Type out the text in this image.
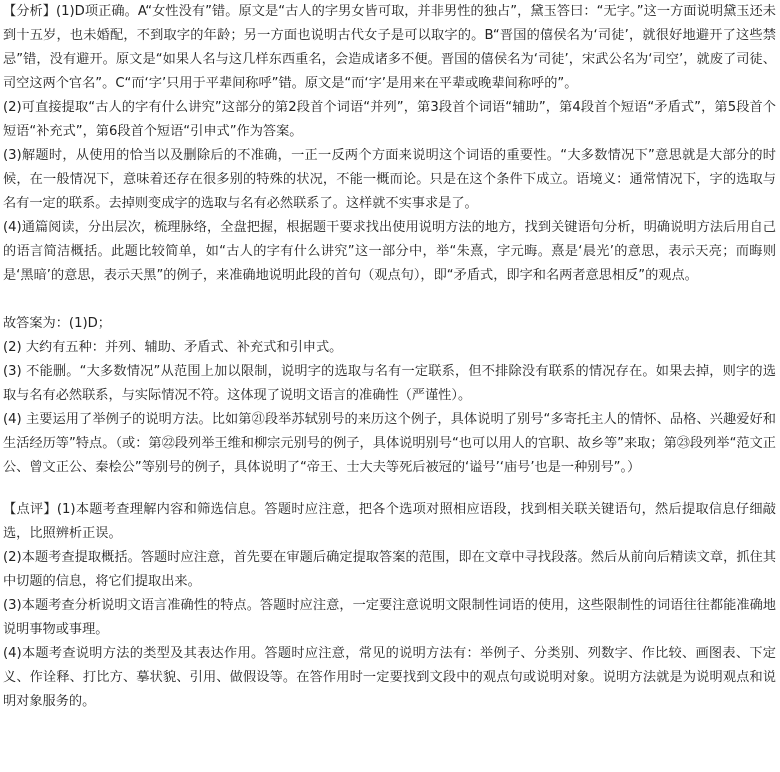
【分析】(1)D项正确。A“女性没有”错。原文是“古人的字男女皆可取，并非男性的独占”，黛玉答曰：“无字。”这一方面说明黛玉还未到十五岁，也未婚配，不到取字的年龄；另一方面也说明古代女子是可以取字的。B“晋国的僖侯名为‘司徒’，就很好地避开了这些禁忌”错，没有避开。原文是“如果人名与这几样东西重名，会造成诸多不便。晋国的僖侯名为‘司徒’，宋武公名为‘司空’，就废了司徒、司空这两个官名”。C“而‘字’只用于平辈间称呼”错。原文是“而‘字’是用来在平辈或晚辈间称呼的”。

(2)可直接提取“古人的字有什么讲究”这部分的第2段首个词语“并列”，第3段首个词语“辅助”，第4段首个短语“矛盾式”，第5段首个短语“补充式”，第6段首个短语“引申式”作为答案。

(3)解题时，从使用的恰当以及删除后的不准确，一正一反两个方面来说明这个词语的重要性。“大多数情况下”意思就是大部分的时候，在一般情况下，意味着还存在很多别的特殊的状况，不能一概而论。只是在这个条件下成立。语境义：通常情况下，字的选取与名有一定的联系。去掉则变成字的选取与名有必然联系了。这样就不实事求是了。

(4)通篇阅读，分出层次，梳理脉络，全盘把握，根据题干要求找出使用说明方法的地方，找到关键语句分析，明确说明方法后用自己的语言简洁概括。此题比较简单，如“古人的字有什么讲究”这一部分中，举“朱熹，字元晦。熹是‘晨光’的意思，表示天亮；而晦则是‘黑暗’的意思，表示天黑”的例子，来准确地说明此段的首句（观点句），即“矛盾式，即字和名两者意思相反”的观点。

故答案为：(1)D；

(2) 大约有五种：并列、辅助、矛盾式、补充式和引申式。

(3) 不能删。“大多数情况”从范围上加以限制，说明字的选取与名有一定联系，但不排除没有联系的情况存在。如果去掉，则字的选取与名有必然联系，与实际情况不符。这体现了说明文语言的准确性（严谨性）。

(4) 主要运用了举例子的说明方法。比如第㉑段举苏轼别号的来历这个例子，具体说明了别号“多寄托主人的情怀、品格、兴趣爱好和生活经历等”特点。（或：第㉒段列举王维和柳宗元别号的例子，具体说明别号“也可以用人的官职、故乡等”来取；第㉓段列举“范文正公、曾文正公、秦桧公”等别号的例子，具体说明了“帝王、士大夫等死后被冠的‘谥号’‘庙号’也是一种别号”。）

【点评】(1)本题考查理解内容和筛选信息。答题时应注意，把各个选项对照相应语段，找到相关联关键语句，然后提取信息仔细敲选，比照辨析正误。

(2)本题考查提取概括。答题时应注意，首先要在审题后确定提取答案的范围，即在文章中寻找段落。然后从前向后精读文章，抓住其中切题的信息，将它们提取出来。

(3)本题考查分析说明文语言准确性的特点。答题时应注意，一定要注意说明文限制性词语的使用，这些限制性的词语往往都能准确地说明事物或事理。

(4)本题考查说明方法的类型及其表达作用。答题时应注意，常见的说明方法有：举例子、分类别、列数字、作比较、画图表、下定义、作诠释、打比方、摹状貌、引用、做假设等。在答作用时一定要找到文段中的观点句或说明对象。说明方法就是为说明观点和说明对象服务的。
